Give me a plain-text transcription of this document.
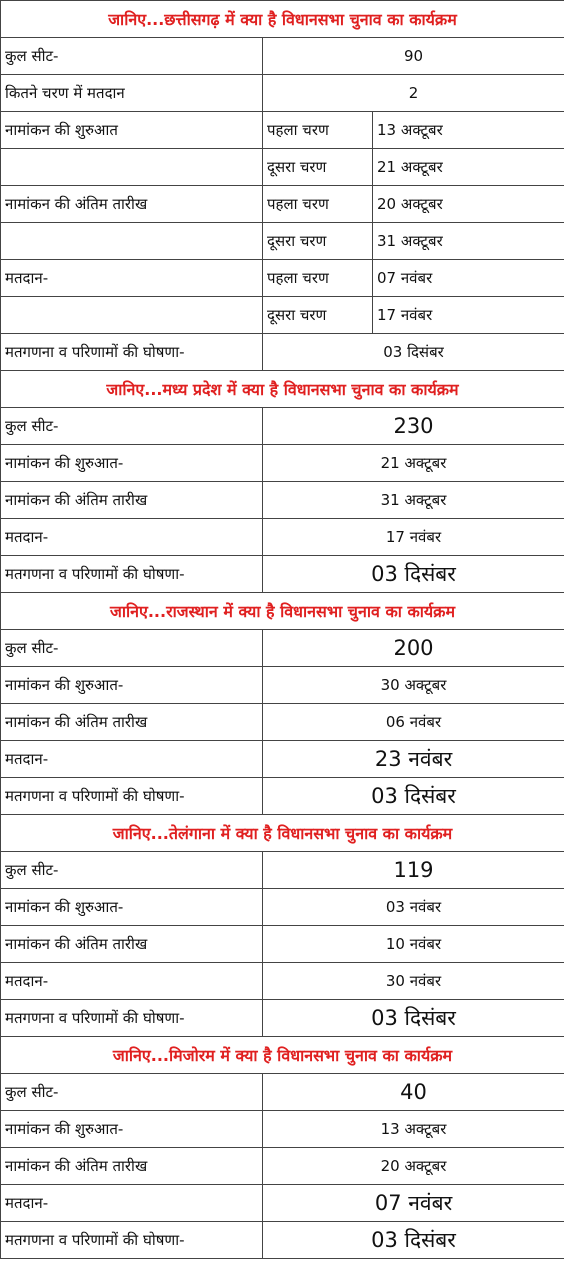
जानिए...छत्तीसगढ़ में क्या है विधानसभा चुनाव का कार्यक्रम		
कुल सीट-	90	
कितने चरण में मतदान	2	
नामांकन की शुरुआत	पहला चरण	13 अक्टूबर
	दूसरा चरण	21 अक्टूबर
नामांकन की अंतिम तारीख	पहला चरण	20 अक्टूबर
	दूसरा चरण	31 अक्टूबर
मतदान-	पहला चरण	07 नवंबर
	दूसरा चरण	17 नवंबर
मतगणना व परिणामों की घोषणा-	03 दिसंबर	
जानिए...मध्य प्रदेश में क्या है विधानसभा चुनाव का कार्यक्रम		
कुल सीट-	230	
नामांकन की शुरुआत-	21 अक्टूबर	
नामांकन की अंतिम तारीख	31 अक्टूबर	
मतदान-	17 नवंबर	
मतगणना व परिणामों की घोषणा-	03 दिसंबर	
जानिए...राजस्थान में क्या है विधानसभा चुनाव का कार्यक्रम		
कुल सीट-	200	
नामांकन की शुरुआत-	30 अक्टूबर	
नामांकन की अंतिम तारीख	06 नवंबर	
मतदान-	23 नवंबर	
मतगणना व परिणामों की घोषणा-	03 दिसंबर	
जानिए...तेलंगाना में क्या है विधानसभा चुनाव का कार्यक्रम		
कुल सीट-	119	
नामांकन की शुरुआत-	03 नवंबर	
नामांकन की अंतिम तारीख	10 नवंबर	
मतदान-	30 नवंबर	
मतगणना व परिणामों की घोषणा-	03 दिसंबर	
जानिए...मिजोरम में क्या है विधानसभा चुनाव का कार्यक्रम		
कुल सीट-	40	
नामांकन की शुरुआत-	13 अक्टूबर	
नामांकन की अंतिम तारीख	20 अक्टूबर	
मतदान-	07 नवंबर	
मतगणना व परिणामों की घोषणा-	03 दिसंबर	
